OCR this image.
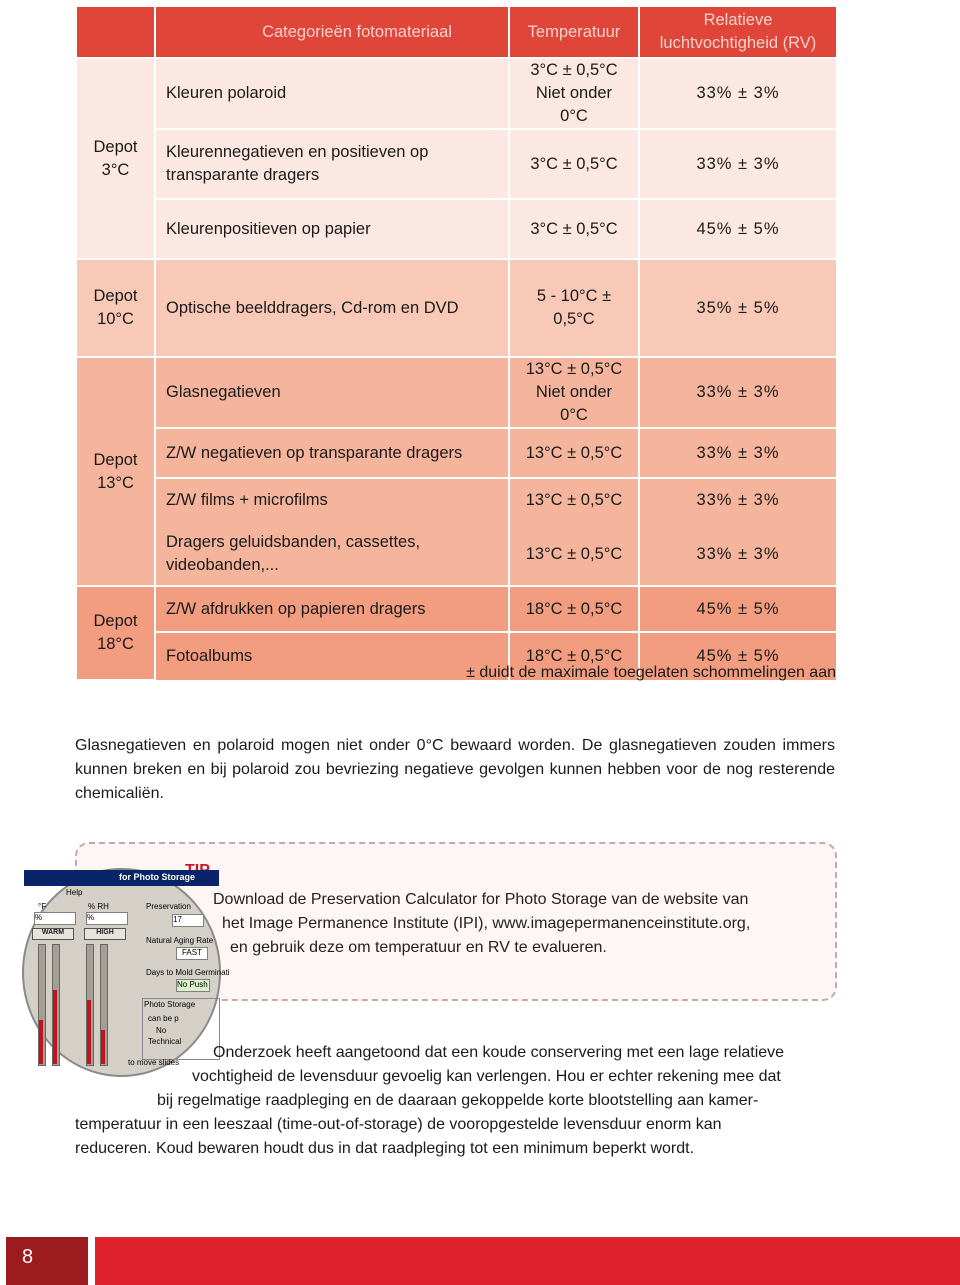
	Categorieën fotomateriaal	Temperatuur	Relatieve luchtvochtigheid (RV)
Depot 3°C	Kleuren polaroid	3°C ± 0,5°C Niet onder 0°C	33% ± 3%
	Kleurennegatieven en positieven op transparante dragers	3°C ± 0,5°C	33% ± 3%
	Kleurenpositieven op papier	3°C ± 0,5°C	45% ± 5%
Depot 10°C	Optische beelddragers, Cd-rom en DVD	5 - 10°C ± 0,5°C	35% ± 5%
Depot 13°C	Glasnegatieven	13°C ± 0,5°C Niet onder 0°C	33% ± 3%
	Z/W negatieven op transparante dragers	13°C ± 0,5°C	33% ± 3%
	Z/W films + microfilms	13°C ± 0,5°C	33% ± 3%
	Dragers geluidsbanden, cassettes, videobanden,...	13°C ± 0,5°C	33% ± 3%
Depot 18°C	Z/W afdrukken op papieren dragers	18°C ± 0,5°C	45% ± 5%
	Fotoalbums	18°C ± 0,5°C	45% ± 5%
± duidt de maximale toegelaten schommelingen aan
Glasnegatieven en polaroid mogen niet onder 0°C bewaard worden. De glasnegatieven zouden immers kunnen breken en bij polaroid zou bevriezing negatieve gevolgen kunnen hebben voor de nog resterende chemicaliën.
Download de Preservation Calculator for Photo Storage van de website van
het Image Permanence Institute (IPI), www.imagepermanenceinstitute.org,
en gebruik deze om temperatuur en RV te evalueren.
for Photo Storage
Help
°F	% RH
%	%
WARM	HIGH
Preservation
17
Natural Aging Rate
FAST
Days to Mold Germinati
No Push
Photo Storage
can be p
No
Technical
to move slides
Onderzoek heeft aangetoond dat een koude conservering met een lage relatieve
vochtigheid de levensduur gevoelig kan verlengen. Hou er echter rekening mee dat
bij regelmatige raadpleging en de daaraan gekoppelde korte blootstelling aan kamer-
temperatuur in een leeszaal (time-out-of-storage) de vooropgestelde levensduur enorm kan
reduceren. Koud bewaren houdt dus in dat raadpleging tot een minimum beperkt wordt.
8
